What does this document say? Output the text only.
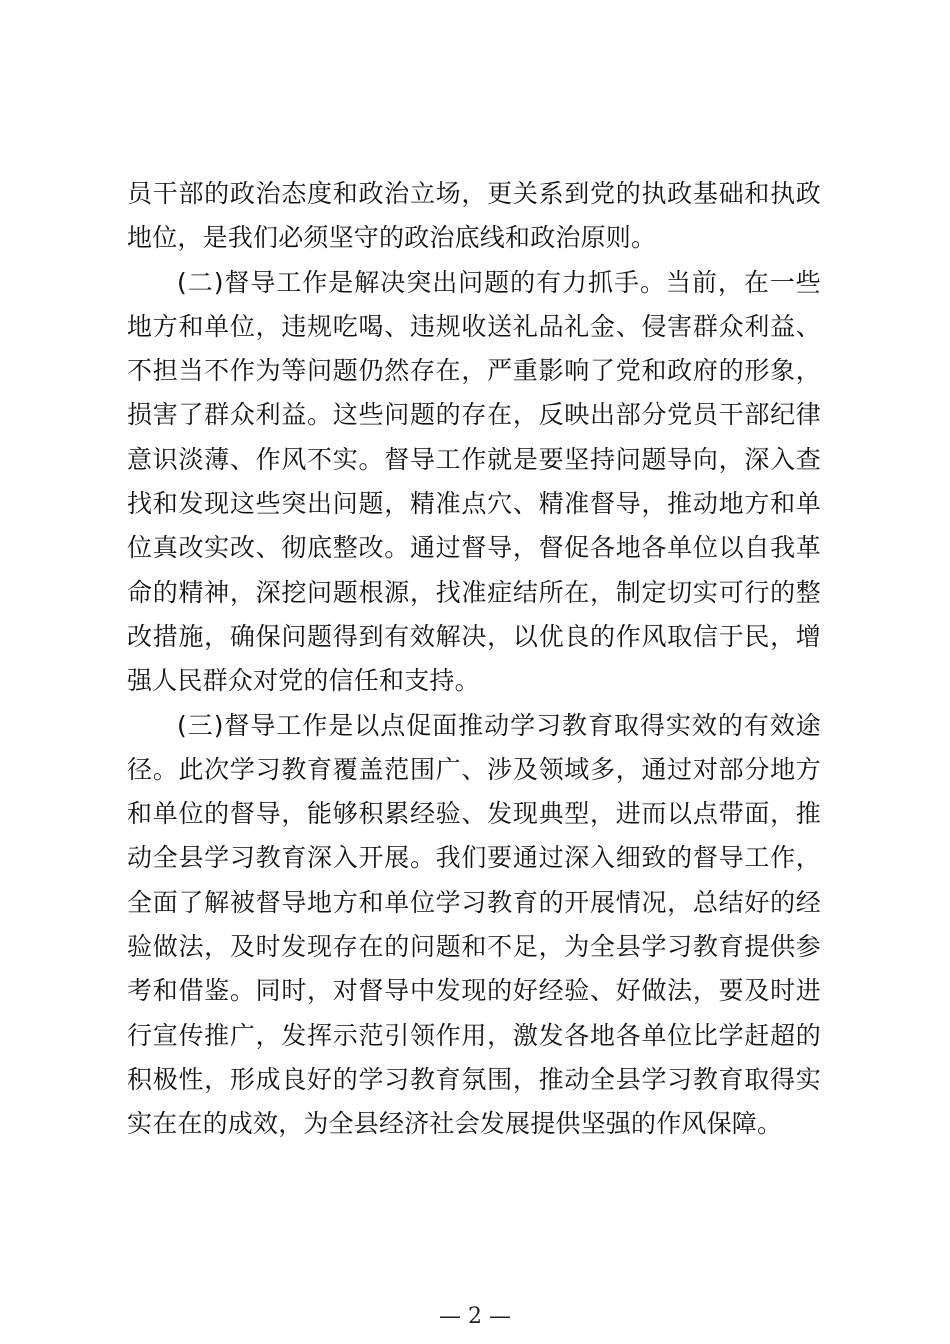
员干部的政治态度和政治立场，更关系到党的执政基础和执政地位，是我们必须坚守的政治底线和政治原则。

(二)督导工作是解决突出问题的有力抓手。当前，在一些地方和单位，违规吃喝、违规收送礼品礼金、侵害群众利益、不担当不作为等问题仍然存在，严重影响了党和政府的形象，损害了群众利益。这些问题的存在，反映出部分党员干部纪律意识淡薄、作风不实。督导工作就是要坚持问题导向，深入查找和发现这些突出问题，精准点穴、精准督导，推动地方和单位真改实改、彻底整改。通过督导，督促各地各单位以自我革命的精神，深挖问题根源，找准症结所在，制定切实可行的整改措施，确保问题得到有效解决，以优良的作风取信于民，增强人民群众对党的信任和支持。

(三)督导工作是以点促面推动学习教育取得实效的有效途径。此次学习教育覆盖范围广、涉及领域多，通过对部分地方和单位的督导，能够积累经验、发现典型，进而以点带面，推动全县学习教育深入开展。我们要通过深入细致的督导工作，全面了解被督导地方和单位学习教育的开展情况，总结好的经验做法，及时发现存在的问题和不足，为全县学习教育提供参考和借鉴。同时，对督导中发现的好经验、好做法，要及时进行宣传推广，发挥示范引领作用，激发各地各单位比学赶超的积极性，形成良好的学习教育氛围，推动全县学习教育取得实实在在的成效，为全县经济社会发展提供坚强的作风保障。

— 2 —
